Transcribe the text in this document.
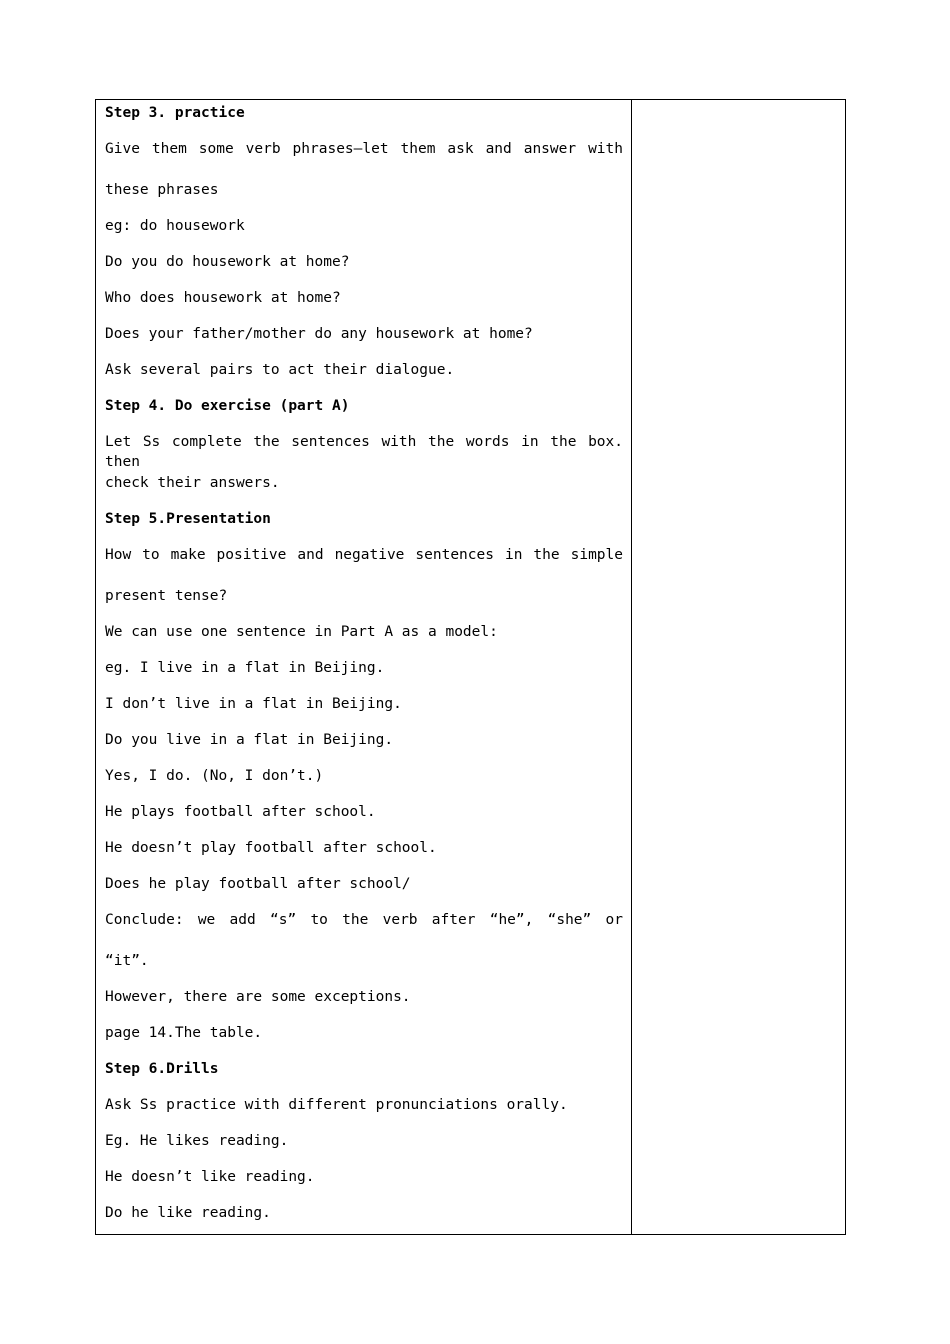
Step 3. practice
Give them some verb phrases—let them ask and answer with
these phrases
eg: do housework
Do you do housework at home?
Who does housework at home?
Does your father/mother do any housework at home?
Ask several pairs to act their dialogue.
Step 4. Do exercise (part A)
Let Ss complete the sentences with the words in the box. then
check their answers.
Step 5.Presentation
How to make positive and negative sentences in the simple
present tense?
We can use one sentence in Part A as a model:
eg. I live in a flat in Beijing.
I don’t live in a flat in Beijing.
Do you live in a flat in Beijing.
Yes, I do. (No, I don’t.)
He plays football after school.
He doesn’t play football after school.
Does he play football after school/
Conclude: we add “s” to the verb after “he”, “she” or
“it”.
However, there are some exceptions.
page 14.The table.
Step 6.Drills
Ask Ss practice with different pronunciations orally.
Eg. He likes reading.
He doesn’t like reading.
Do he like reading.
